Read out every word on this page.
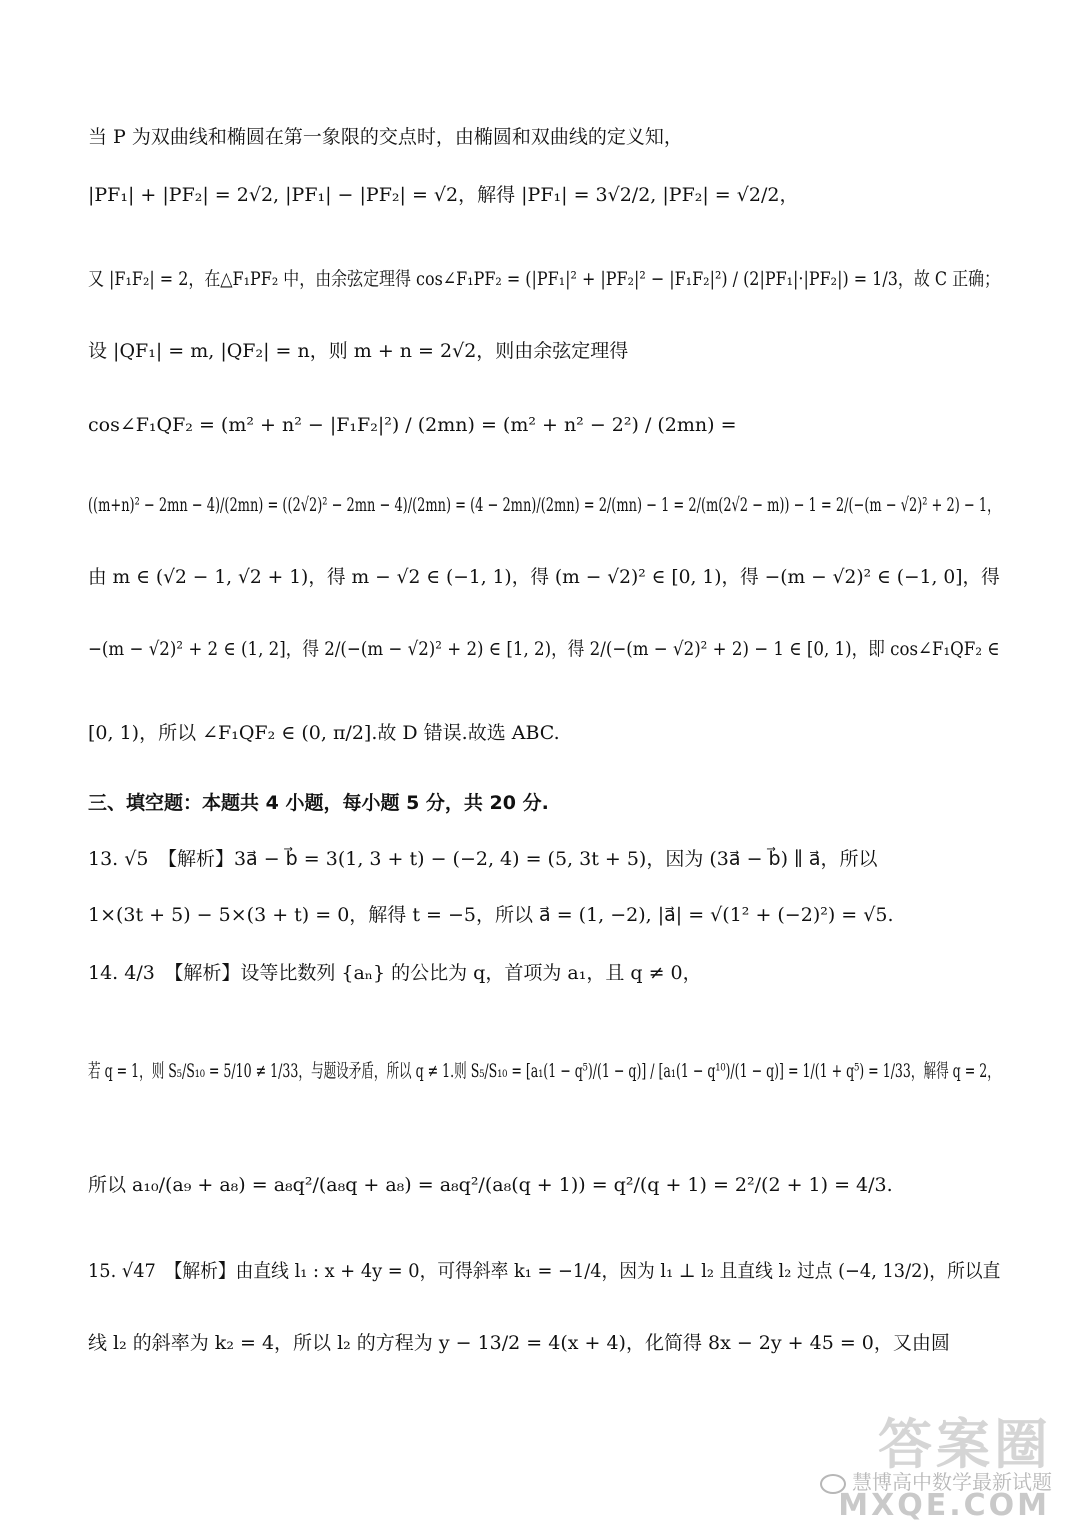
当 P 为双曲线和椭圆在第一象限的交点时，由椭圆和双曲线的定义知，
|PF₁| + |PF₂| = 2√2, |PF₁| − |PF₂| = √2，解得 |PF₁| = 3√2/2, |PF₂| = √2/2，
又 |F₁F₂| = 2，在△F₁PF₂ 中，由余弦定理得 cos∠F₁PF₂ = (|PF₁|² + |PF₂|² − |F₁F₂|²) / (2|PF₁|·|PF₂|) = 1/3，故 C 正确；
设 |QF₁| = m, |QF₂| = n，则 m + n = 2√2，则由余弦定理得
cos∠F₁QF₂ = (m² + n² − |F₁F₂|²) / (2mn) = (m² + n² − 2²) / (2mn) =
((m+n)² − 2mn − 4)/(2mn) = ((2√2)² − 2mn − 4)/(2mn) = (4 − 2mn)/(2mn) = 2/(mn) − 1 = 2/(m(2√2 − m)) − 1 = 2/(−(m − √2)² + 2) − 1，
由 m ∈ (√2 − 1, √2 + 1)，得 m − √2 ∈ (−1, 1)，得 (m − √2)² ∈ [0, 1)，得 −(m − √2)² ∈ (−1, 0]，得
−(m − √2)² + 2 ∈ (1, 2]，得 2/(−(m − √2)² + 2) ∈ [1, 2)，得 2/(−(m − √2)² + 2) − 1 ∈ [0, 1)，即 cos∠F₁QF₂ ∈
[0, 1)，所以 ∠F₁QF₂ ∈ (0, π/2].故 D 错误.故选 ABC.
三、填空题：本题共 4 小题，每小题 5 分，共 20 分.
13. √5　【解析】3a⃗ − b⃗ = 3(1, 3 + t) − (−2, 4) = (5, 3t + 5)，因为 (3a⃗ − b⃗) ∥ a⃗，所以
1×(3t + 5) − 5×(3 + t) = 0，解得 t = −5，所以 a⃗ = (1, −2), |a⃗| = √(1² + (−2)²) = √5.
14. 4/3　【解析】设等比数列 {aₙ} 的公比为 q，首项为 a₁，且 q ≠ 0，
若 q = 1，则 S₅/S₁₀ = 5/10 ≠ 1/33，与题设矛盾，所以 q ≠ 1.则 S₅/S₁₀ = [a₁(1 − q⁵)/(1 − q)] / [a₁(1 − q¹⁰)/(1 − q)] = 1/(1 + q⁵) = 1/33，解得 q = 2，
所以 a₁₀/(a₉ + a₈) = a₈q²/(a₈q + a₈) = a₈q²/(a₈(q + 1)) = q²/(q + 1) = 2²/(2 + 1) = 4/3.
15. √47　【解析】由直线 l₁ : x + 4y = 0，可得斜率 k₁ = −1/4，因为 l₁ ⊥ l₂ 且直线 l₂ 过点 (−4, 13/2)，所以直
线 l₂ 的斜率为 k₂ = 4，所以 l₂ 的方程为 y − 13/2 = 4(x + 4)，化简得 8x − 2y + 45 = 0，又由圆
答案圈
慧博高中数学最新试题
MXQE.COM
